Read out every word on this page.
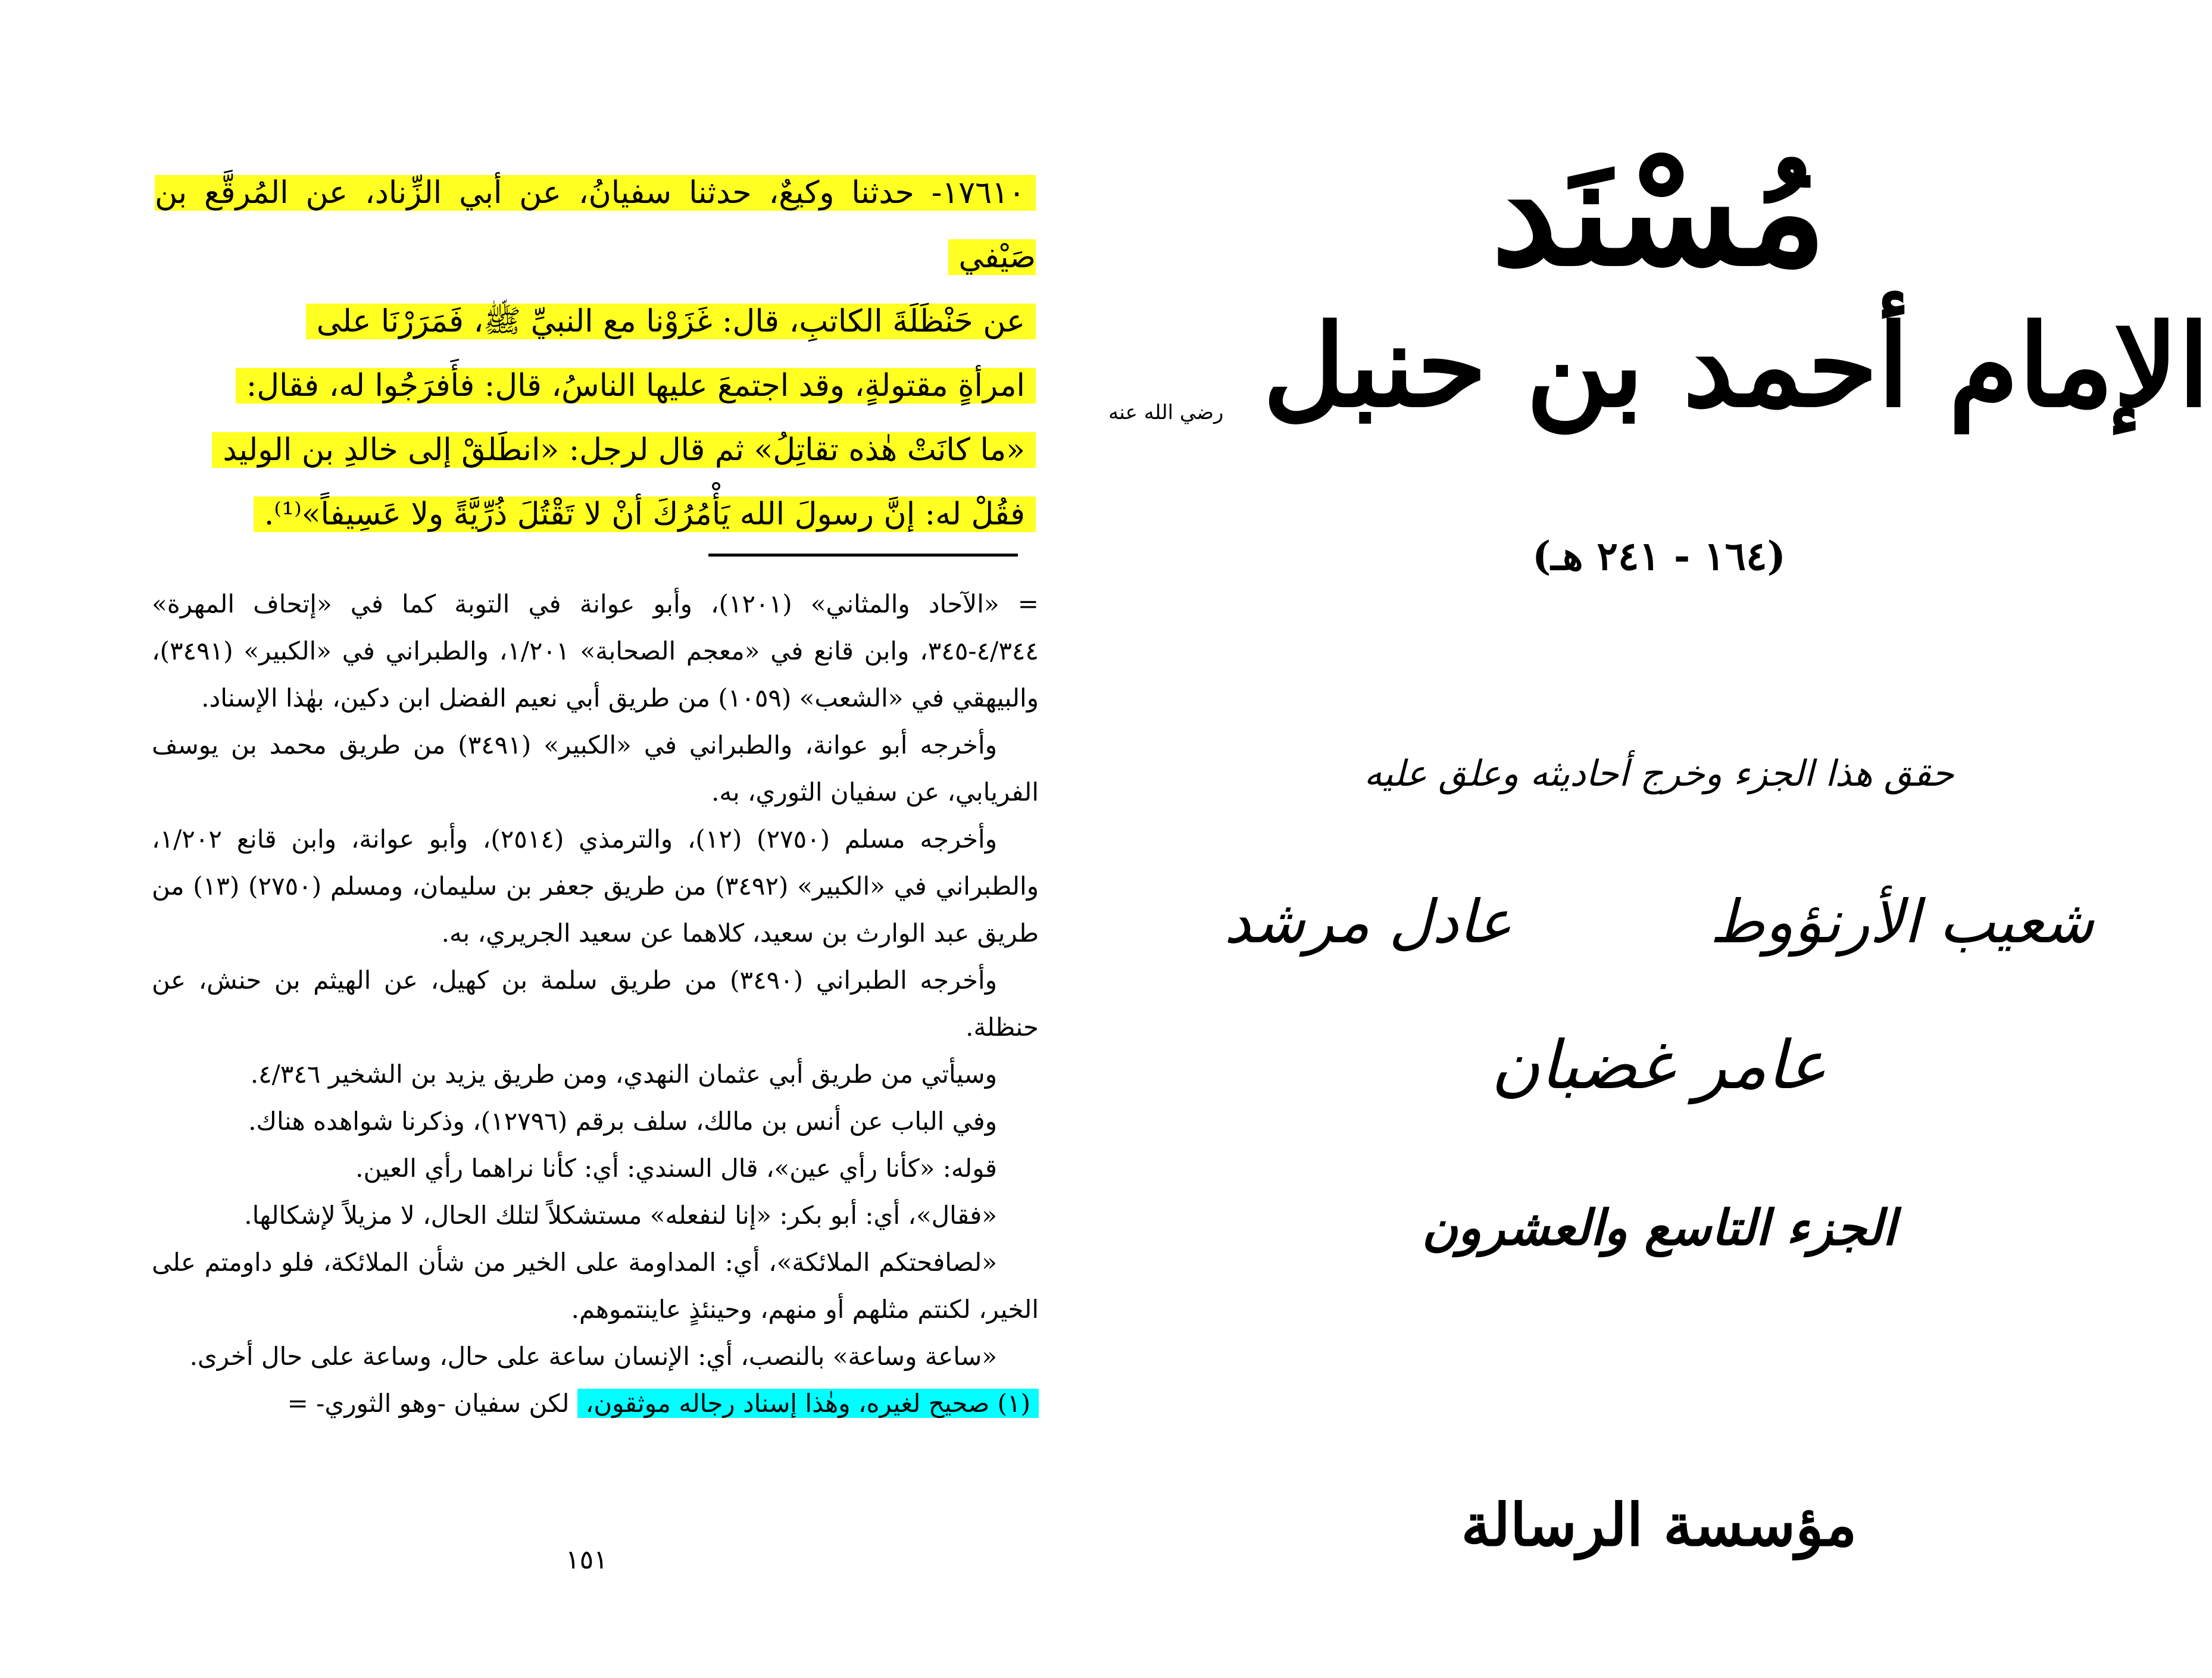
١٧٦١٠- حدثنا وكيعٌ، حدثنا سفيانُ، عن أبي الزِّناد، عن المُرقَّع بن صَيْفي
عن حَنْظَلَةَ الكاتبِ، قال: غَزَوْنا مع النبيِّ ﷺ، فَمَرَرْنَا على
امرأةٍ مقتولةٍ، وقد اجتمعَ عليها الناسُ، قال: فأَفرَجُوا له، فقال:
«ما كانَتْ هٰذه تقاتِلُ» ثم قال لرجل: «انطَلقْ إلى خالدِ بن الوليد
فقُلْ له: إنَّ رسولَ الله يَأْمُرُكَ أنْ لا تَقْتُلَ ذُرِّيَّةً ولا عَسِيفاً»⁽¹⁾.

= «الآحاد والمثاني» (١٢٠١)، وأبو عوانة في التوبة كما في «إتحاف المهرة» ٤/٣٤٤-٣٤٥، وابن قانع في «معجم الصحابة» ١/٢٠١، والطبراني في «الكبير» (٣٤٩١)، والبيهقي في «الشعب» (١٠٥٩) من طريق أبي نعيم الفضل ابن دكين، بهٰذا الإسناد.

وأخرجه أبو عوانة، والطبراني في «الكبير» (٣٤٩١) من طريق محمد بن يوسف الفريابي، عن سفيان الثوري، به.

وأخرجه مسلم (٢٧٥٠) (١٢)، والترمذي (٢٥١٤)، وأبو عوانة، وابن قانع ١/٢٠٢، والطبراني في «الكبير» (٣٤٩٢) من طريق جعفر بن سليمان، ومسلم (٢٧٥٠) (١٣) من طريق عبد الوارث بن سعيد، كلاهما عن سعيد الجريري، به.

وأخرجه الطبراني (٣٤٩٠) من طريق سلمة بن كهيل، عن الهيثم بن حنش، عن حنظلة.

وسيأتي من طريق أبي عثمان النهدي، ومن طريق يزيد بن الشخير ٤/٣٤٦.

وفي الباب عن أنس بن مالك، سلف برقم (١٢٧٩٦)، وذكرنا شواهده هناك.

قوله: «كأنا رأي عين»، قال السندي: أي: كأنا نراهما رأي العين.

«فقال»، أي: أبو بكر: «إنا لنفعله» مستشكلاً لتلك الحال، لا مزيلاً لإشكالها.

«لصافحتكم الملائكة»، أي: المداومة على الخير من شأن الملائكة، فلو داومتم على الخير، لكنتم مثلهم أو منهم، وحينئذٍ عاينتموهم.

«ساعة وساعة» بالنصب، أي: الإنسان ساعة على حال، وساعة على حال أخرى.

(١) صحيح لغيره، وهٰذا إسناد رجاله موثقون، لكن سفيان -وهو الثوري- =

١٥١
مُسْنَد
الإمام أحمد بن حنبل رضي الله عنه
(١٦٤ - ٢٤١ هـ)
حقق هذا الجزء وخرج أحاديثه وعلق عليه
شعيب الأرنؤوط عادل مرشد
عامر غضبان
الجزء التاسع والعشرون
مؤسسة الرسالة
